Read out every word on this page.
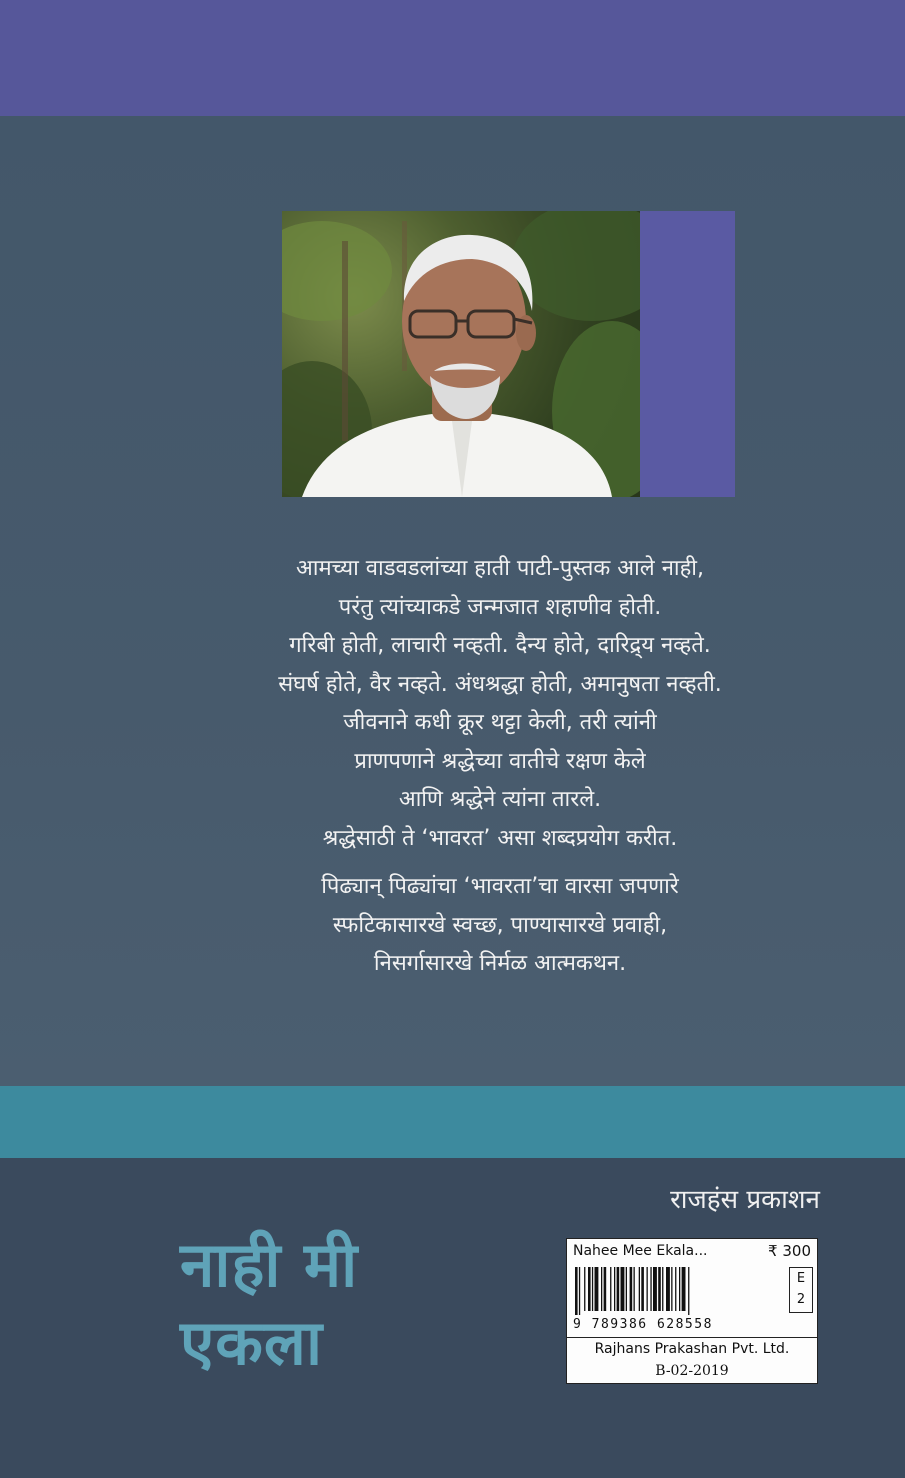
आमच्या वाडवडलांच्या हाती पाटी-पुस्तक आले नाही,

परंतु त्यांच्याकडे जन्मजात शहाणीव होती.

गरिबी होती, लाचारी नव्हती. दैन्य होते, दारिद्र्य नव्हते.

संघर्ष होते, वैर नव्हते. अंधश्रद्धा होती, अमानुषता नव्हती.

जीवनाने कधी क्रूर थट्टा केली, तरी त्यांनी

प्राणपणाने श्रद्धेच्या वातीचे रक्षण केले

आणि श्रद्धेने त्यांना तारले.

श्रद्धेसाठी ते ‘भावरत’ असा शब्दप्रयोग करीत.

पिढ्यान् पिढ्यांचा ‘भावरता’चा वारसा जपणारे

स्फटिकासारखे स्वच्छ, पाण्यासारखे प्रवाही,

निसर्गासारखे निर्मळ आत्मकथन.

नाही मी
एकला
राजहंस प्रकाशन
Nahee Mee Ekala...	₹ 300
E
2
9 789386 628558
Rajhans Prakashan Pvt. Ltd.
B-02-2019
